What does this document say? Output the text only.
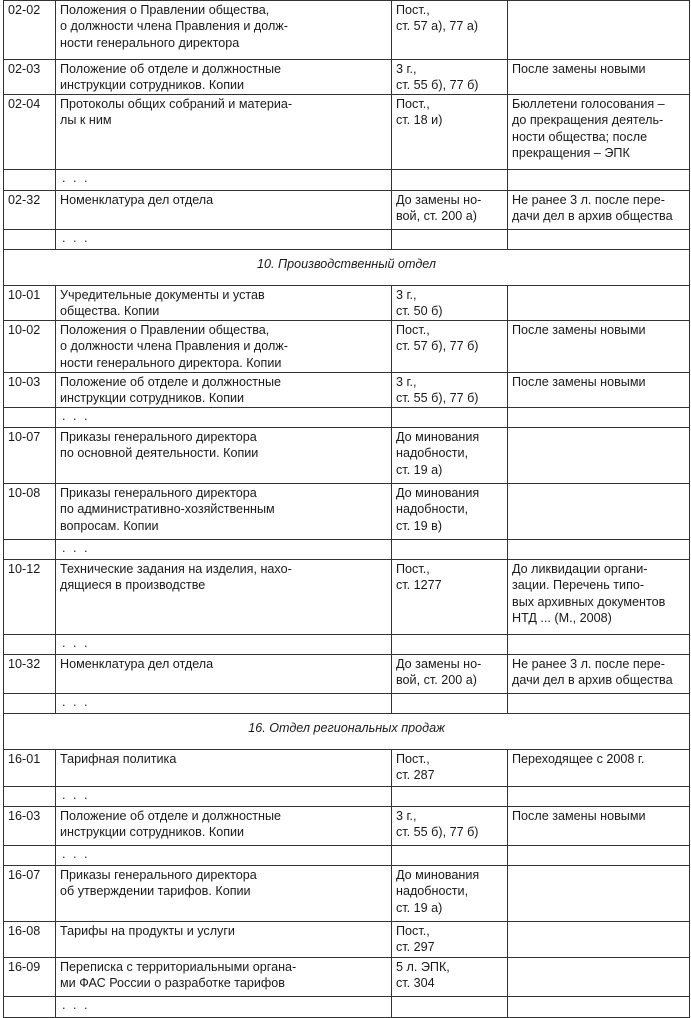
02-02	Положения о Правлении общества,
о должности члена Правления и долж-
ности генерального директора	Пост.,
ст. 57 а), 77 а)	

02-03	Положение об отделе и должностные
инструкции сотрудников. Копии	3 г.,
ст. 55 б), 77 б)	После замены новыми

02-04	Протоколы общих собраний и материа-
лы к ним	Пост.,
ст. 18 и)	Бюллетени голосования –
до прекращения деятель-
ности общества; после
прекращения – ЭПК

	. . .		
02-32	Номенклатура дел отдела	До замены но-
вой, ст. 200 а)	Не ранее 3 л. после пере-
дачи дел в архив общества

	. . .		
10. Производственный отдел			
10-01	Учредительные документы и устав
общества. Копии	3 г.,
ст. 50 б)	

10-02	Положения о Правлении общества,
о должности члена Правления и долж-
ности генерального директора. Копии	Пост.,
ст. 57 б), 77 б)	После замены новыми

10-03	Положение об отделе и должностные
инструкции сотрудников. Копии	3 г.,
ст. 55 б), 77 б)	После замены новыми

	. . .		
10-07	Приказы генерального директора
по основной деятельности. Копии	До минования
надобности,
ст. 19 а)	

10-08	Приказы генерального директора
по административно-хозяйственным
вопросам. Копии	До минования
надобности,
ст. 19 в)	

	. . .		
10-12	Технические задания на изделия, нахо-
дящиеся в производстве	Пост.,
ст. 1277	До ликвидации органи-
зации. Перечень типо-
вых архивных документов
НТД ... (М., 2008)

	. . .		
10-32	Номенклатура дел отдела	До замены но-
вой, ст. 200 а)	Не ранее 3 л. после пере-
дачи дел в архив общества

	. . .		
16. Отдел региональных продаж			
16-01	Тарифная политика	Пост.,
ст. 287	Переходящее с 2008 г.

	. . .		
16-03	Положение об отделе и должностные
инструкции сотрудников. Копии	3 г.,
ст. 55 б), 77 б)	После замены новыми

	. . .		
16-07	Приказы генерального директора
об утверждении тарифов. Копии	До минования
надобности,
ст. 19 а)	

16-08	Тарифы на продукты и услуги	Пост.,
ст. 297	

16-09	Переписка с территориальными органа-
ми ФАС России о разработке тарифов	5 л. ЭПК,
ст. 304	

	. . .		
